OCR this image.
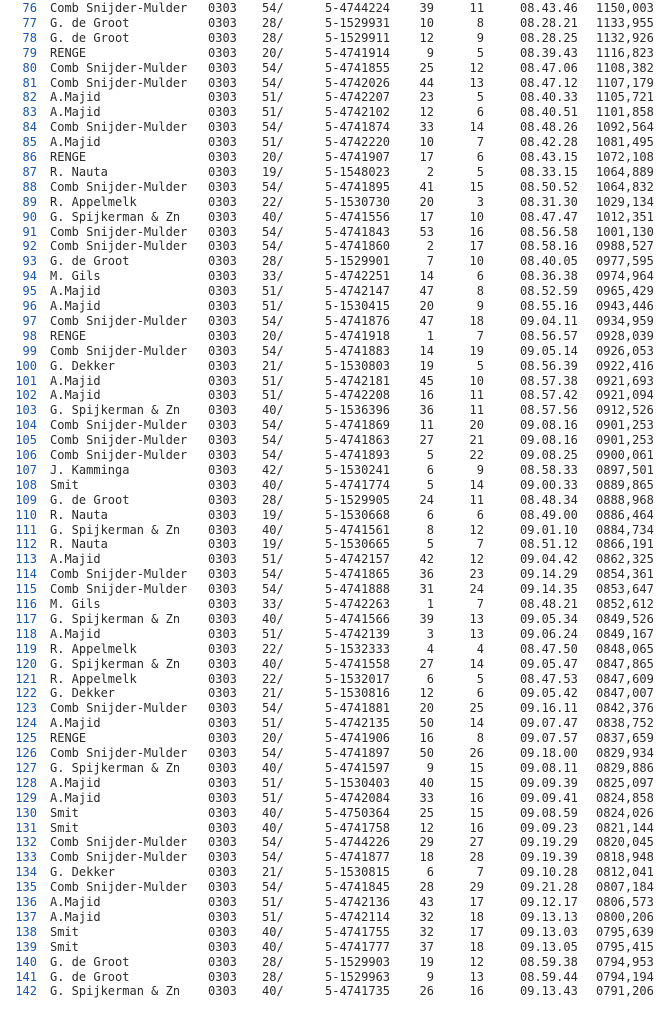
76 Comb Snijder-Mulder 0303 54/	5-4744224	39	11	08.43.46 1150,003
77 G. de Groot	0303 28/	5-1529931	10	8	08.28.21 1133,955
78 G. de Groot	0303 28/	5-1529911	12	9	08.28.25 1132,926
79 RENGE	0303 20/	5-4741914	9	5	08.39.43 1116,823
80 Comb Snijder-Mulder 0303 54/	5-4741855	25	12	08.47.06 1108,382
81 Comb Snijder-Mulder 0303 54/	5-4742026	44	13	08.47.12 1107,179
82 A.Majid	0303 51/	5-4742207	23	5	08.40.33 1105,721
83 A.Majid	0303 51/	5-4742102	12	6	08.40.51 1101,858
84 Comb Snijder-Mulder 0303 54/	5-4741874	33	14	08.48.26 1092,564
85 A.Majid	0303 51/	5-4742220	10	7	08.42.28 1081,495
86 RENGE	0303 20/	5-4741907	17	6	08.43.15 1072,108
87 R. Nauta	0303 19/	5-1548023	2	5	08.33.15 1064,889
88 Comb Snijder-Mulder 0303 54/	5-4741895	41	15	08.50.52 1064,832
89 R. Appelmelk	0303 22/	5-1530730	20	3	08.31.30 1029,134
90 G. Spijkerman & Zn 0303 40/	5-4741556	17	10	08.47.47 1012,351
91 Comb Snijder-Mulder 0303 54/	5-4741843	53	16	08.56.58 1001,130
92 Comb Snijder-Mulder 0303 54/	5-4741860	2	17	08.58.16 0988,527
93 G. de Groot	0303 28/	5-1529901	7	10	08.40.05 0977,595
94 M. Gils	0303 33/	5-4742251	14	6	08.36.38 0974,964
95 A.Majid	0303 51/	5-4742147	47	8	08.52.59 0965,429
96 A.Majid	0303 51/	5-1530415	20	9	08.55.16 0943,446
97 Comb Snijder-Mulder 0303 54/	5-4741876	47	18	09.04.11 0934,959
98 RENGE	0303 20/	5-4741918	1	7	08.56.57 0928,039
99 Comb Snijder-Mulder 0303 54/	5-4741883	14	19	09.05.14 0926,053
100 G. Dekker	0303 21/	5-1530803	19	5	08.56.39 0922,416
101 A.Majid	0303 51/	5-4742181	45	10	08.57.38 0921,693
102 A.Majid	0303 51/	5-4742208	16	11	08.57.42 0921,094
103 G. Spijkerman & Zn 0303 40/	5-1536396	36	11	08.57.56 0912,526
104 Comb Snijder-Mulder 0303 54/	5-4741869	11	20	09.08.16 0901,253
105 Comb Snijder-Mulder 0303 54/	5-4741863	27	21	09.08.16 0901,253
106 Comb Snijder-Mulder 0303 54/	5-4741893	5	22	09.08.25 0900,061
107 J. Kamminga	0303 42/	5-1530241	6	9	08.58.33 0897,501
108 Smit	0303 40/	5-4741774	5	14	09.00.33 0889,865
109 G. de Groot	0303 28/	5-1529905	24	11	08.48.34 0888,968
110 R. Nauta	0303 19/	5-1530668	6	6	08.49.00 0886,464
111 G. Spijkerman & Zn 0303 40/	5-4741561	8	12	09.01.10 0884,734
112 R. Nauta	0303 19/	5-1530665	5	7	08.51.12 0866,191
113 A.Majid	0303 51/	5-4742157	42	12	09.04.42 0862,325
114 Comb Snijder-Mulder 0303 54/	5-4741865	36	23	09.14.29 0854,361
115 Comb Snijder-Mulder 0303 54/	5-4741888	31	24	09.14.35 0853,647
116 M. Gils	0303 33/	5-4742263	1	7	08.48.21 0852,612
117 G. Spijkerman & Zn 0303 40/	5-4741566	39	13	09.05.34 0849,526
118 A.Majid	0303 51/	5-4742139	3	13	09.06.24 0849,167
119 R. Appelmelk	0303 22/	5-1532333	4	4	08.47.50 0848,065
120 G. Spijkerman & Zn 0303 40/	5-4741558	27	14	09.05.47 0847,865
121 R. Appelmelk	0303 22/	5-1532017	6	5	08.47.53 0847,609
122 G. Dekker	0303 21/	5-1530816	12	6	09.05.42 0847,007
123 Comb Snijder-Mulder 0303 54/	5-4741881	20	25	09.16.11 0842,376
124 A.Majid	0303 51/	5-4742135	50	14	09.07.47 0838,752
125 RENGE	0303 20/	5-4741906	16	8	09.07.57 0837,659
126 Comb Snijder-Mulder 0303 54/	5-4741897	50	26	09.18.00 0829,934
127 G. Spijkerman & Zn 0303 40/	5-4741597	9	15	09.08.11 0829,886
128 A.Majid	0303 51/	5-1530403	40	15	09.09.39 0825,097
129 A.Majid	0303 51/	5-4742084	33	16	09.09.41 0824,858
130 Smit	0303 40/	5-4750364	25	15	09.08.59 0824,026
131 Smit	0303 40/	5-4741758	12	16	09.09.23 0821,144
132 Comb Snijder-Mulder 0303 54/	5-4744226	29	27	09.19.29 0820,045
133 Comb Snijder-Mulder 0303 54/	5-4741877	18	28	09.19.39 0818,948
134 G. Dekker	0303 21/	5-1530815	6	7	09.10.28 0812,041
135 Comb Snijder-Mulder 0303 54/	5-4741845	28	29	09.21.28 0807,184
136 A.Majid	0303 51/	5-4742136	43	17	09.12.17 0806,573
137 A.Majid	0303 51/	5-4742114	32	18	09.13.13 0800,206
138 Smit	0303 40/	5-4741755	32	17	09.13.03 0795,639
139 Smit	0303 40/	5-4741777	37	18	09.13.05 0795,415
140 G. de Groot	0303 28/	5-1529903	19	12	08.59.38 0794,953
141 G. de Groot	0303 28/	5-1529963	9	13	08.59.44 0794,194
142 G. Spijkerman & Zn 0303 40/	5-4741735	26	16	09.13.43 0791,206
